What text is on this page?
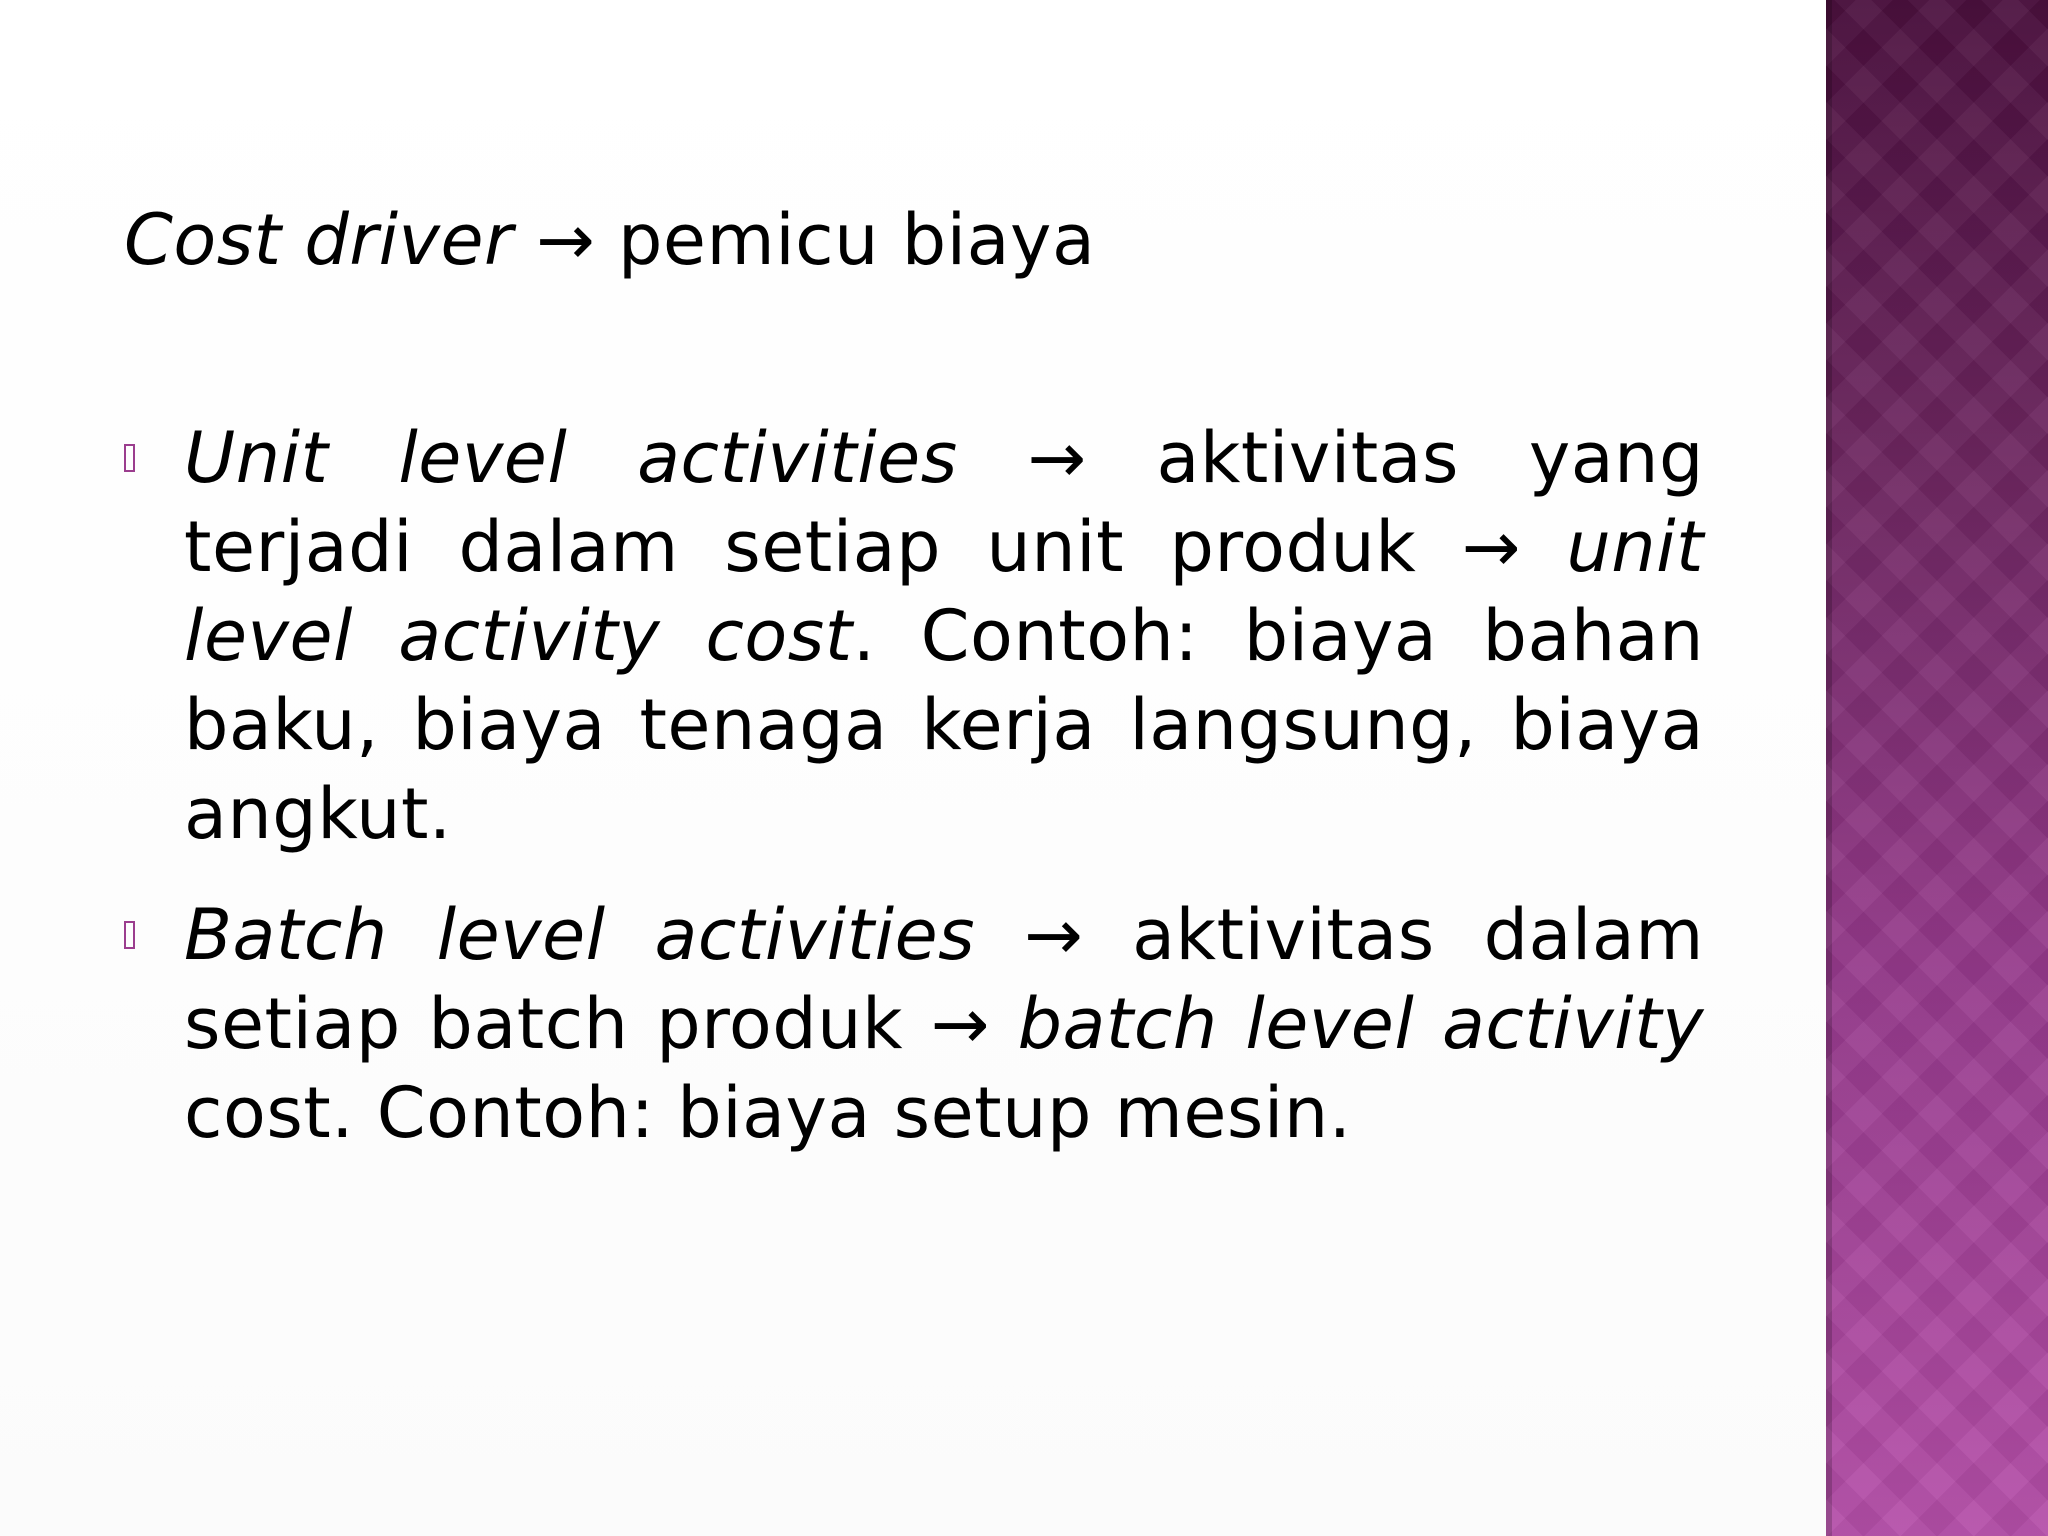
Cost driver → pemicu biaya
Unit level activities → aktivitas yang terjadi dalam setiap unit produk → unit level activity cost. Contoh: biaya bahan baku, biaya tenaga kerja langsung, biaya angkut.
Batch level activities → aktivitas dalam setiap batch produk → batch level activity cost. Contoh: biaya setup mesin.
